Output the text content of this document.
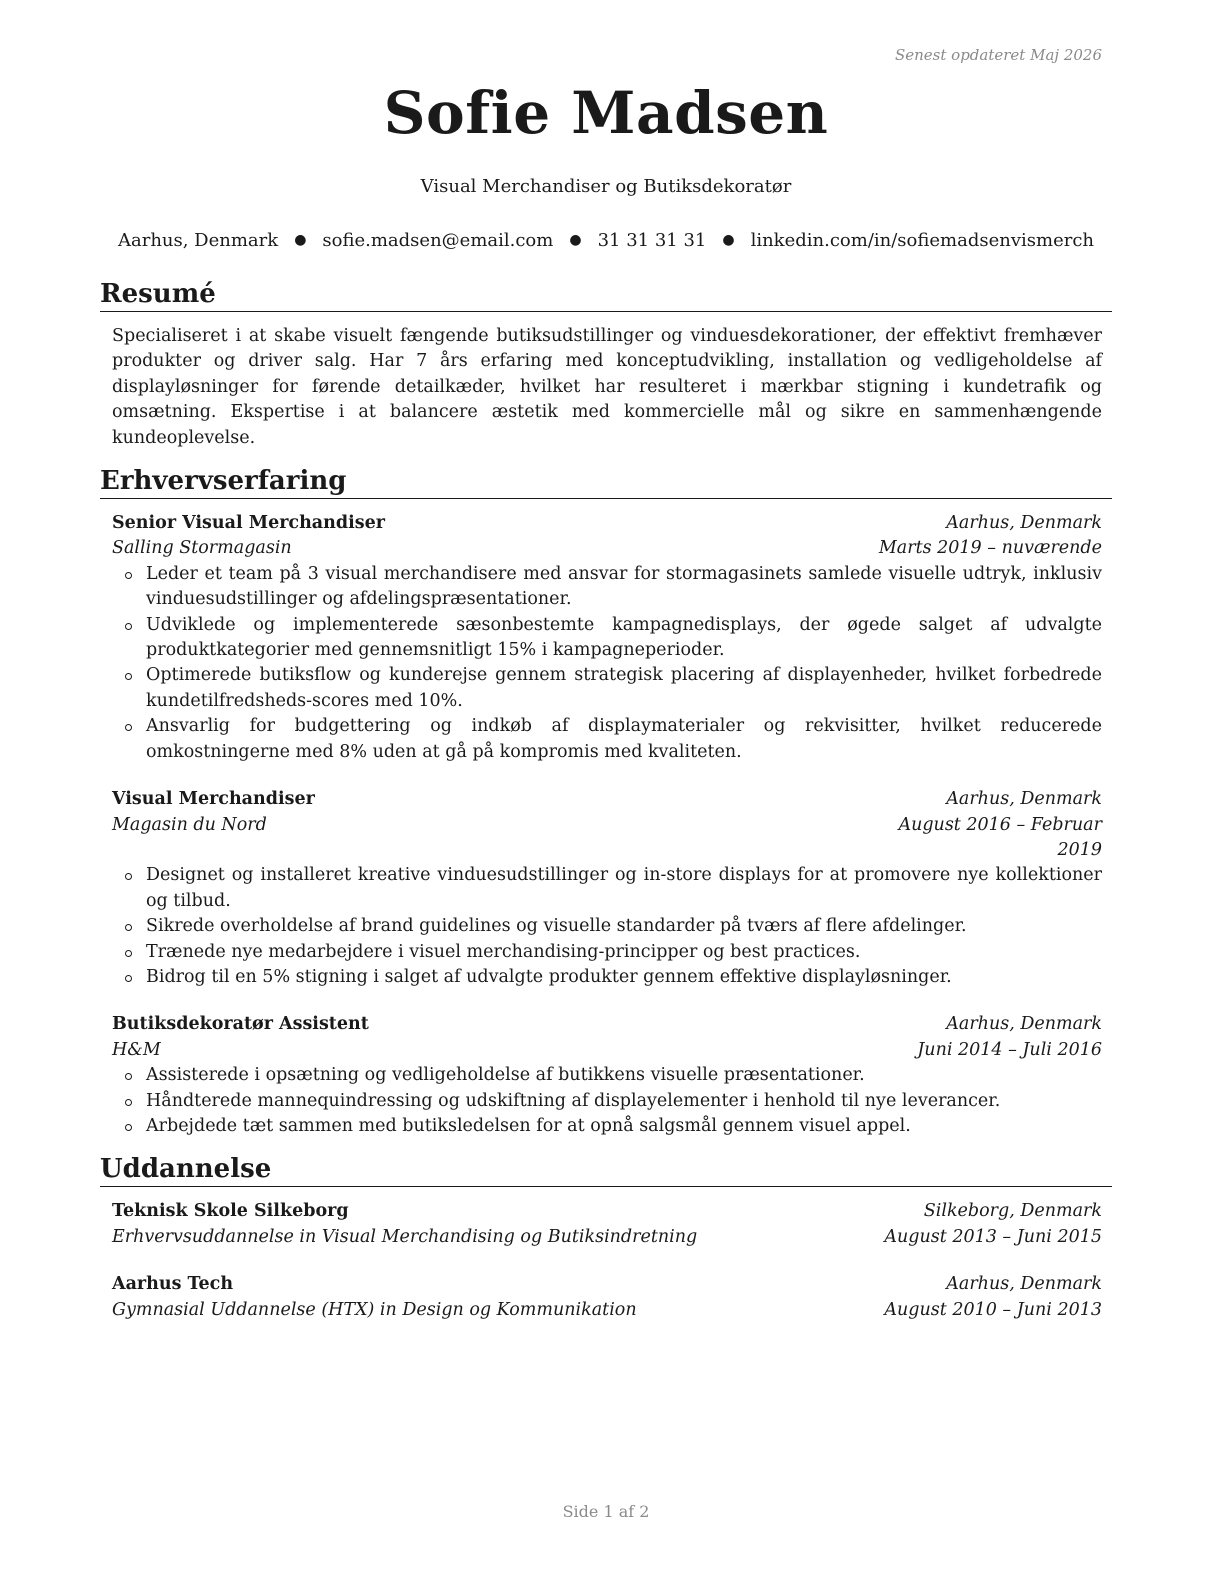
Senest opdateret Maj 2026
Sofie Madsen
Visual Merchandiser og Butiksdekoratør
Aarhus, Denmark ● sofie.madsen@email.com ● 31 31 31 31 ● linkedin.com/in/sofiemadsenvismerch
Resumé
Specialiseret i at skabe visuelt fængende butiksudstillinger og vinduesdekorationer, der effektivt fremhæver produkter og driver salg. Har 7 års erfaring med konceptudvikling, installation og vedligeholdelse af displayløsninger for førende detailkæder, hvilket har resulteret i mærkbar stigning i kundetrafik og omsætning. Ekspertise i at balancere æstetik med kommercielle mål og sikre en sammenhængende kundeoplevelse.
Erhvervserfaring
Senior Visual Merchandiser	Aarhus, Denmark
Salling Stormagasin	Marts 2019 – nuværende
Leder et team på 3 visual merchandisere med ansvar for stormagasinets samlede visuelle udtryk, inklusiv vinduesudstillinger og afdelingspræsentationer.
Udviklede og implementerede sæsonbestemte kampagnedisplays, der øgede salget af udvalgte produktkategorier med gennemsnitligt 15% i kampagneperioder.
Optimerede butiksflow og kunderejse gennem strategisk placering af displayenheder, hvilket forbedrede kundetilfredsheds-scores med 10%.
Ansvarlig for budgettering og indkøb af displaymaterialer og rekvisitter, hvilket reducerede omkostningerne med 8% uden at gå på kompromis med kvaliteten.
Visual Merchandiser	Aarhus, Denmark
Magasin du Nord	August 2016 – Februar 2019
Designet og installeret kreative vinduesudstillinger og in-store displays for at promovere nye kollektioner og tilbud.
Sikrede overholdelse af brand guidelines og visuelle standarder på tværs af flere afdelinger.
Trænede nye medarbejdere i visuel merchandising-principper og best practices.
Bidrog til en 5% stigning i salget af udvalgte produkter gennem effektive displayløsninger.
Butiksdekoratør Assistent	Aarhus, Denmark
H&M	Juni 2014 – Juli 2016
Assisterede i opsætning og vedligeholdelse af butikkens visuelle præsentationer.
Håndterede mannequindressing og udskiftning af displayelementer i henhold til nye leverancer.
Arbejdede tæt sammen med butiksledelsen for at opnå salgsmål gennem visuel appel.
Uddannelse
Teknisk Skole Silkeborg	Silkeborg, Denmark
Erhvervsuddannelse in Visual Merchandising og Butiksindretning	August 2013 – Juni 2015
Aarhus Tech	Aarhus, Denmark
Gymnasial Uddannelse (HTX) in Design og Kommunikation	August 2010 – Juni 2013
Side 1 af 2
